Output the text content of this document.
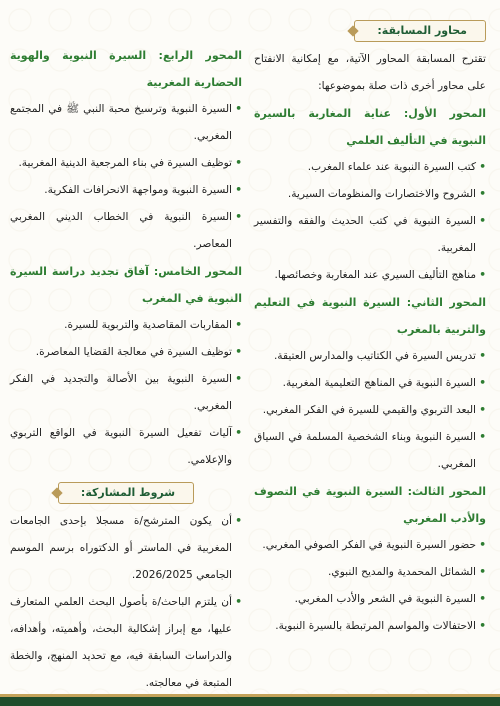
محاور المسابقة:

تقترح المسابقة المحاور الآتية، مع إمكانية الانفتاح على محاور أخرى ذات صلة بموضوعها:

المحور الأول: عناية المغاربة بالسيرة النبوية في التأليف العلمي

• كتب السيرة النبوية عند علماء المغرب.
• الشروح والاختصارات والمنظومات السيرية.
• السيرة النبوية في كتب الحديث والفقه والتفسير المغربية.
• مناهج التأليف السيري عند المغاربة وخصائصها.

المحور الثاني: السيرة النبوية في التعليم والتربية بالمغرب

• تدريس السيرة في الكتاتيب والمدارس العتيقة.
• السيرة النبوية في المناهج التعليمية المغربية.
• البعد التربوي والقيمي للسيرة في الفكر المغربي.
• السيرة النبوية وبناء الشخصية المسلمة في السياق المغربي.

المحور الثالث: السيرة النبوية في التصوف والأدب المغربي

• حضور السيرة النبوية في الفكر الصوفي المغربي.
• الشمائل المحمدية والمديح النبوي.
• السيرة النبوية في الشعر والأدب المغربي.
• الاحتفالات والمواسم المرتبطة بالسيرة النبوية.

المحور الرابع: السيرة النبوية والهوية الحضارية المغربية

• السيرة النبوية وترسيخ محبة النبي ﷺ في المجتمع المغربي.
• توظيف السيرة في بناء المرجعية الدينية المغربية.
• السيرة النبوية ومواجهة الانحرافات الفكرية.
• السيرة النبوية في الخطاب الديني المغربي المعاصر.

المحور الخامس: آفاق تجديد دراسة السيرة النبوية في المغرب

• المقاربات المقاصدية والتربوية للسيرة.
• توظيف السيرة في معالجة القضايا المعاصرة.
• السيرة النبوية بين الأصالة والتجديد في الفكر المغربي.
• آليات تفعيل السيرة النبوية في الواقع التربوي والإعلامي.
شروط المشاركة:
• أن يكون المترشح/ة مسجلا بإحدى الجامعات المغربية في الماستر أو الدكتوراه برسم الموسم الجامعي 2026/2025.
• أن يلتزم الباحث/ة بأصول البحث العلمي المتعارف عليها، مع إبراز إشكالية البحث، وأهميته، وأهدافه، والدراسات السابقة فيه، مع تحديد المنهج، والخطة المتبعة في معالجته.
